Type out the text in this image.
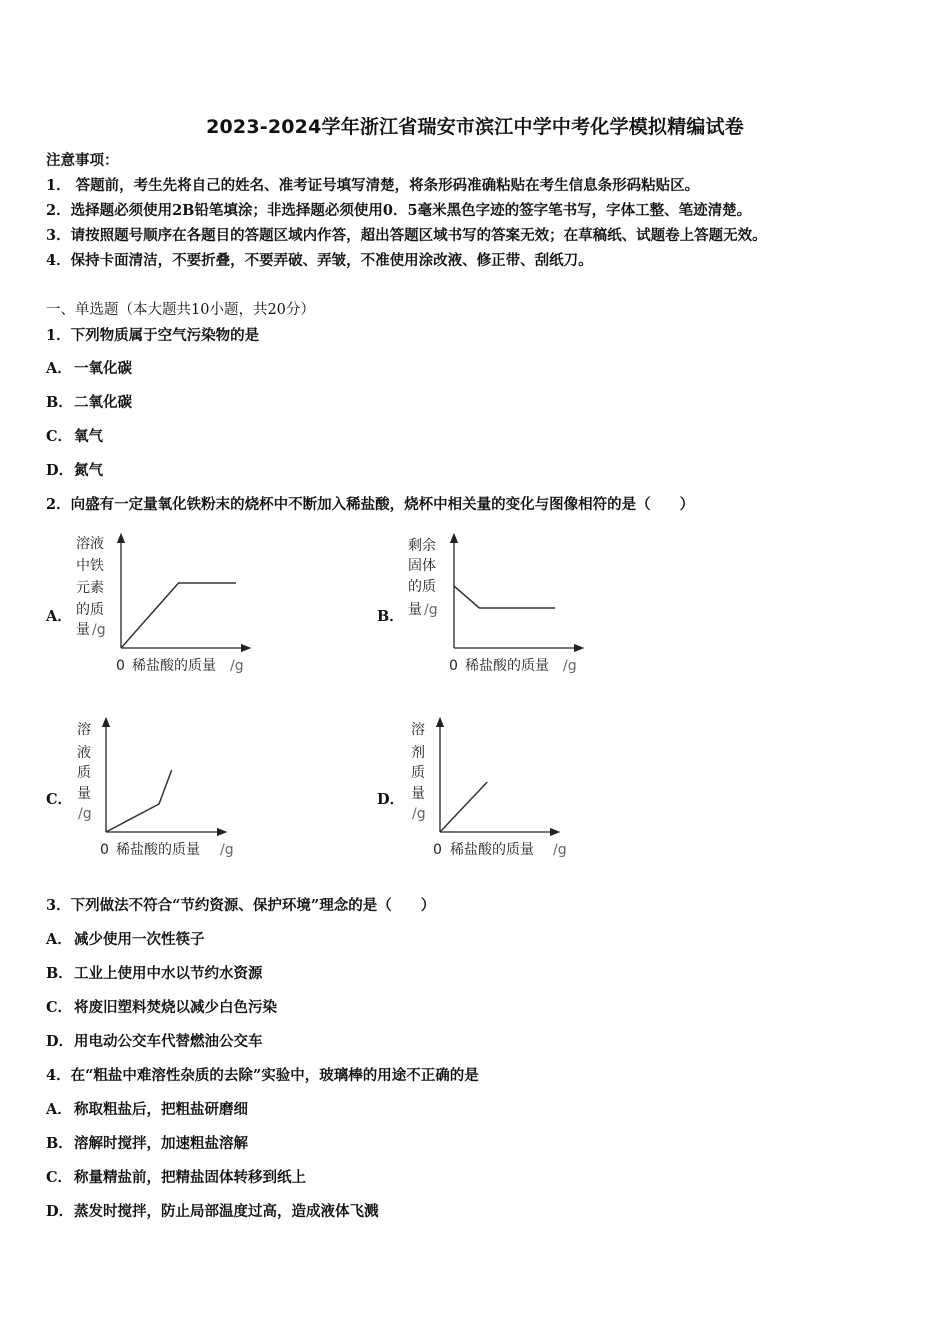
2023-2024学年浙江省瑞安市滨江中学中考化学模拟精编试卷
注意事项：
1． 答题前，考生先将自己的姓名、准考证号填写清楚，将条形码准确粘贴在考生信息条形码粘贴区。
2．选择题必须使用2B铅笔填涂；非选择题必须使用0．5毫米黑色字迹的签字笔书写，字体工整、笔迹清楚。
3．请按照题号顺序在各题目的答题区域内作答，超出答题区域书写的答案无效；在草稿纸、试题卷上答题无效。
4．保持卡面清洁，不要折叠，不要弄破、弄皱，不准使用涂改液、修正带、刮纸刀。
一、单选题（本大题共10小题，共20分）
1．下列物质属于空气污染物的是
A． 一氧化碳
B．二氧化碳
C． 氧气
D．氮气
2．向盛有一定量氧化铁粉末的烧杯中不断加入稀盐酸，烧杯中相关量的变化与图像相符的是（　　）
A．	B．
C．	D．
溶液
中铁
元素
的质
量 /g
0 稀盐酸的质量 /g
剩余
固体
的质
量 /g
0 稀盐酸的质量 /g
溶
液
质
量
/g
0 稀盐酸的质量 /g
溶
剂
质
量
/g
0 稀盐酸的质量 /g
3．下列做法不符合“节约资源、保护环境”理念的是（　　）
A． 减少使用一次性筷子
B．工业上使用中水以节约水资源
C． 将废旧塑料焚烧以减少白色污染
D．用电动公交车代替燃油公交车
4．在“粗盐中难溶性杂质的去除”实验中，玻璃棒的用途不正确的是
A． 称取粗盐后，把粗盐研磨细
B．溶解时搅拌，加速粗盐溶解
C． 称量精盐前，把精盐固体转移到纸上
D．蒸发时搅拌，防止局部温度过高，造成液体飞溅
